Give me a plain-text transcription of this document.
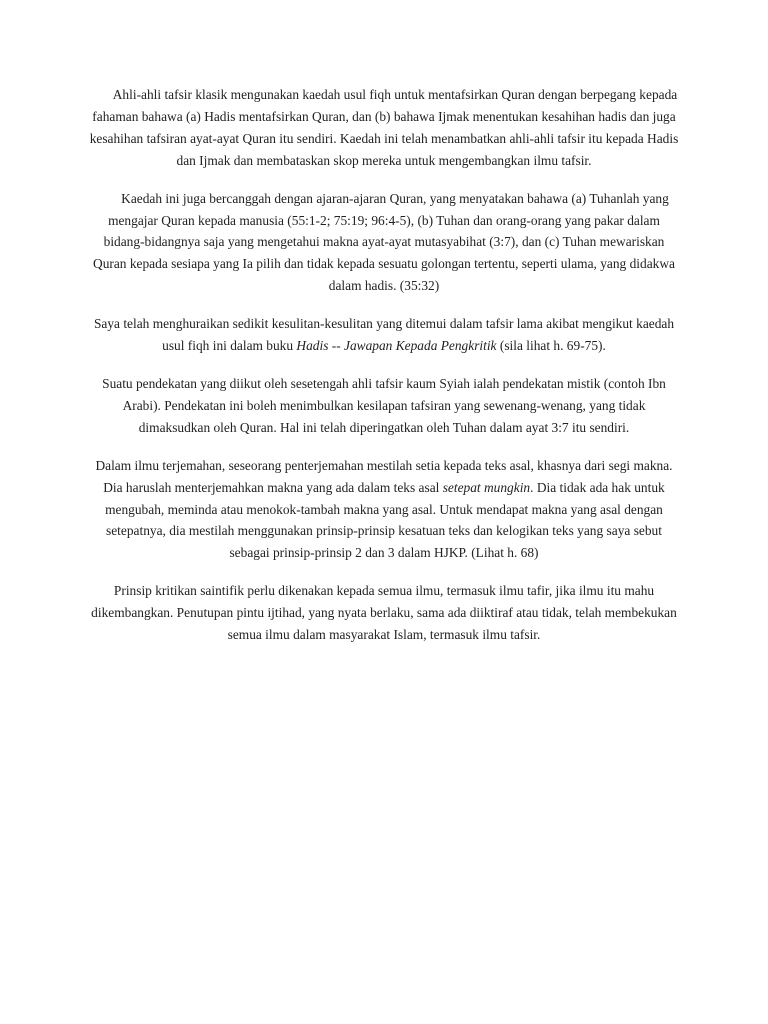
Ahli-ahli tafsir klasik mengunakan kaedah usul fiqh untuk mentafsirkan Quran dengan berpegang kepada fahaman bahawa (a) Hadis mentafsirkan Quran, dan (b) bahawa Ijmak menentukan kesahihan hadis dan juga kesahihan tafsiran ayat-ayat Quran itu sendiri. Kaedah ini telah menambatkan ahli-ahli tafsir itu kepada Hadis dan Ijmak dan membataskan skop mereka untuk mengembangkan ilmu tafsir.

Kaedah ini juga bercanggah dengan ajaran-ajaran Quran, yang menyatakan bahawa (a) Tuhanlah yang mengajar Quran kepada manusia (55:1-2; 75:19; 96:4-5), (b) Tuhan dan orang-orang yang pakar dalam bidang-bidangnya saja yang mengetahui makna ayat-ayat mutasyabihat (3:7), dan (c) Tuhan mewariskan Quran kepada sesiapa yang Ia pilih dan tidak kepada sesuatu golongan tertentu, seperti ulama, yang didakwa dalam hadis. (35:32)

Saya telah menghuraikan sedikit kesulitan-kesulitan yang ditemui dalam tafsir lama akibat mengikut kaedah usul fiqh ini dalam buku Hadis -- Jawapan Kepada Pengkritik (sila lihat h. 69-75).

Suatu pendekatan yang diikut oleh sesetengah ahli tafsir kaum Syiah ialah pendekatan mistik (contoh Ibn Arabi). Pendekatan ini boleh menimbulkan kesilapan tafsiran yang sewenang-wenang, yang tidak dimaksudkan oleh Quran. Hal ini telah diperingatkan oleh Tuhan dalam ayat 3:7 itu sendiri.

Dalam ilmu terjemahan, seseorang penterjemahan mestilah setia kepada teks asal, khasnya dari segi makna. Dia haruslah menterjemahkan makna yang ada dalam teks asal setepat mungkin. Dia tidak ada hak untuk mengubah, meminda atau menokok-tambah makna yang asal. Untuk mendapat makna yang asal dengan setepatnya, dia mestilah menggunakan prinsip-prinsip kesatuan teks dan kelogikan teks yang saya sebut sebagai prinsip-prinsip 2 dan 3 dalam HJKP. (Lihat h. 68)

Prinsip kritikan saintifik perlu dikenakan kepada semua ilmu, termasuk ilmu tafir, jika ilmu itu mahu dikembangkan. Penutupan pintu ijtihad, yang nyata berlaku, sama ada diiktiraf atau tidak, telah membekukan semua ilmu dalam masyarakat Islam, termasuk ilmu tafsir.
